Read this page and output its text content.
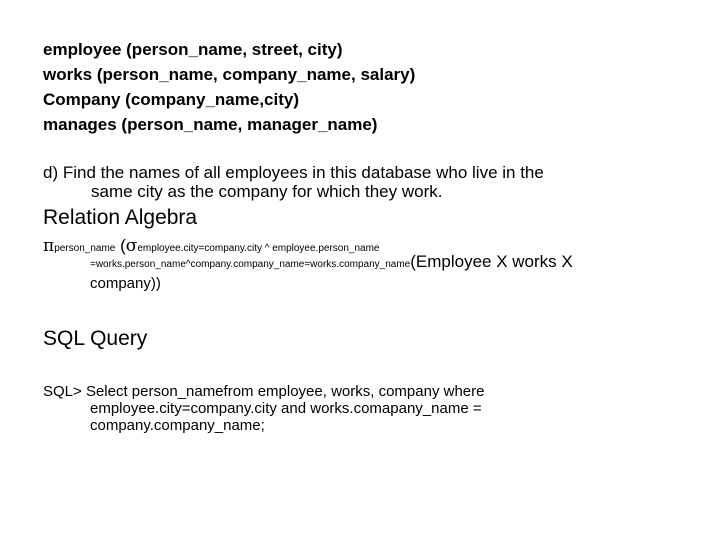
employee (person_name, street, city)
works (person_name, company_name, salary)
Company (company_name,city)
manages (person_name, manager_name)
d) Find the names of all employees in this database who live in the
same city as the company for which they work.
Relation Algebra
πperson_name (σemployee.city=company.city ^ employee.person_name
=works.person_name^company.company_name=works.company_name(Employee X works X
company))
SQL Query
SQL> Select person_namefrom employee, works, company where
employee.city=company.city and works.comapany_name =
company.company_name;
